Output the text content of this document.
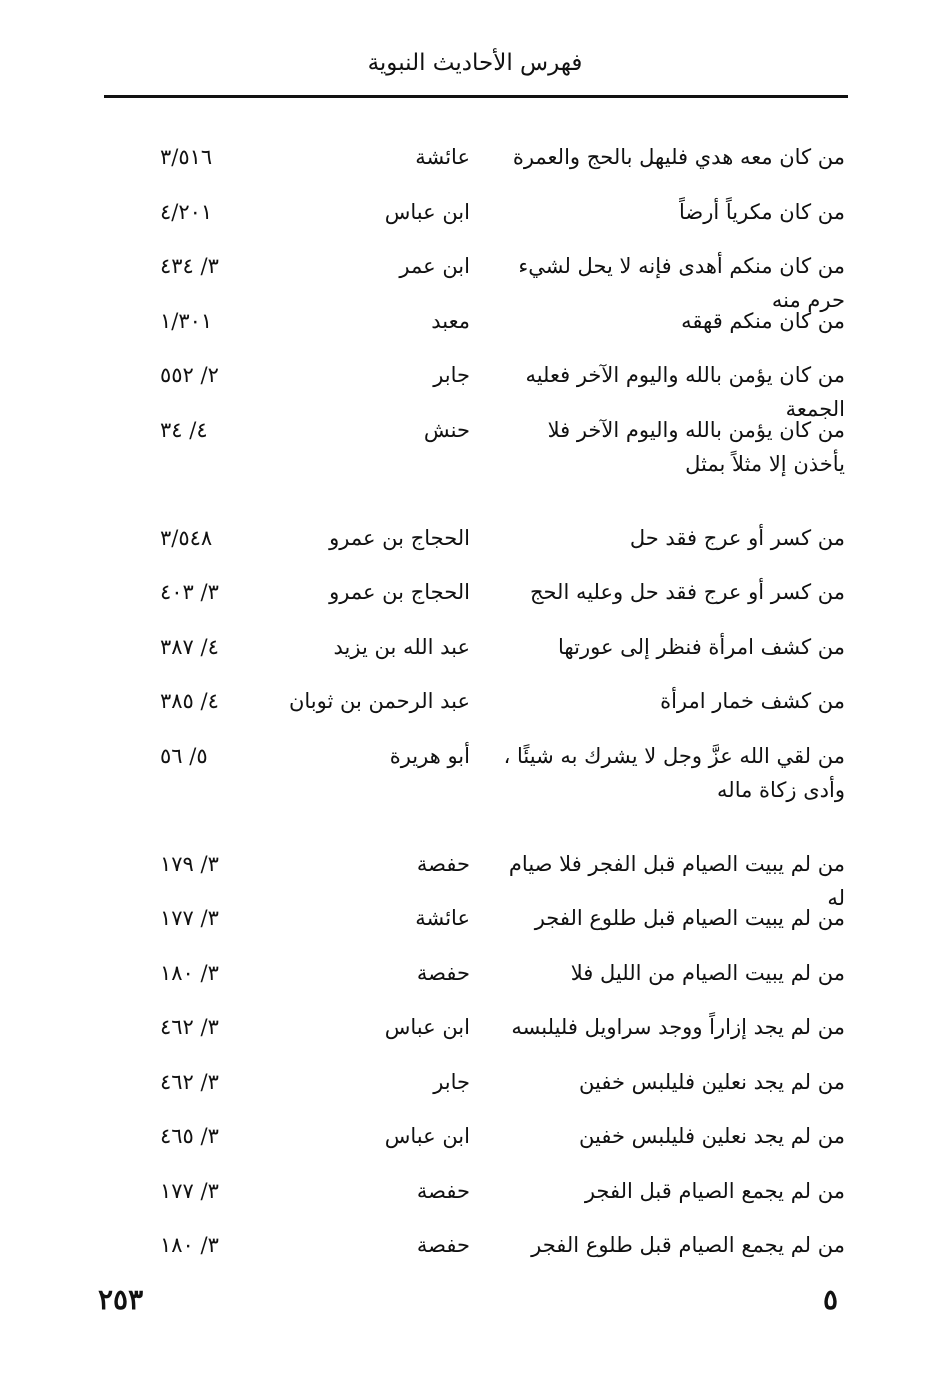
فهرس الأحاديث النبوية
من كان معه هدي فليهل بالحج والعمرة
عائشة
٣/٥١٦
من كان مكرياً أرضاً
ابن عباس
٤/٢٠١
من كان منكم أهدى فإنه لا يحل لشيء حرم منه
ابن عمر
٣/ ٤٣٤
من كان منكم قهقه
معبد
١/٣٠١
من كان يؤمن بالله واليوم الآخر فعليه الجمعة
جابر
٢/ ٥٥٢
من كان يؤمن بالله واليوم الآخر فلا يأخذن إلا مثلاً بمثل
حنش
٤/ ٣٤
من كسر أو عرج فقد حل
الحجاج بن عمرو
٣/٥٤٨
من كسر أو عرج فقد حل وعليه الحج
الحجاج بن عمرو
٣/ ٤٠٣
من كشف امرأة فنظر إلى عورتها
عبد الله بن يزيد
٤/ ٣٨٧
من كشف خمار امرأة
عبد الرحمن بن ثوبان
٤/ ٣٨٥
من لقي الله عزَّ وجل لا يشرك به شيئًا ، وأدى زكاة ماله
أبو هريرة
٥/ ٥٦
من لم يبيت الصيام قبل الفجر فلا صيام له
حفصة
٣/ ١٧٩
من لم يبيت الصيام قبل طلوع الفجر
عائشة
٣/ ١٧٧
من لم يبيت الصيام من الليل فلا
حفصة
٣/ ١٨٠
من لم يجد إزاراً ووجد سراويل فليلبسه
ابن عباس
٣/ ٤٦٢
من لم يجد نعلين فليلبس خفين
جابر
٣/ ٤٦٢
من لم يجد نعلين فليلبس خفين
ابن عباس
٣/ ٤٦٥
من لم يجمع الصيام قبل الفجر
حفصة
٣/ ١٧٧
من لم يجمع الصيام قبل طلوع الفجر
حفصة
٣/ ١٨٠
٢٥٣	٥
